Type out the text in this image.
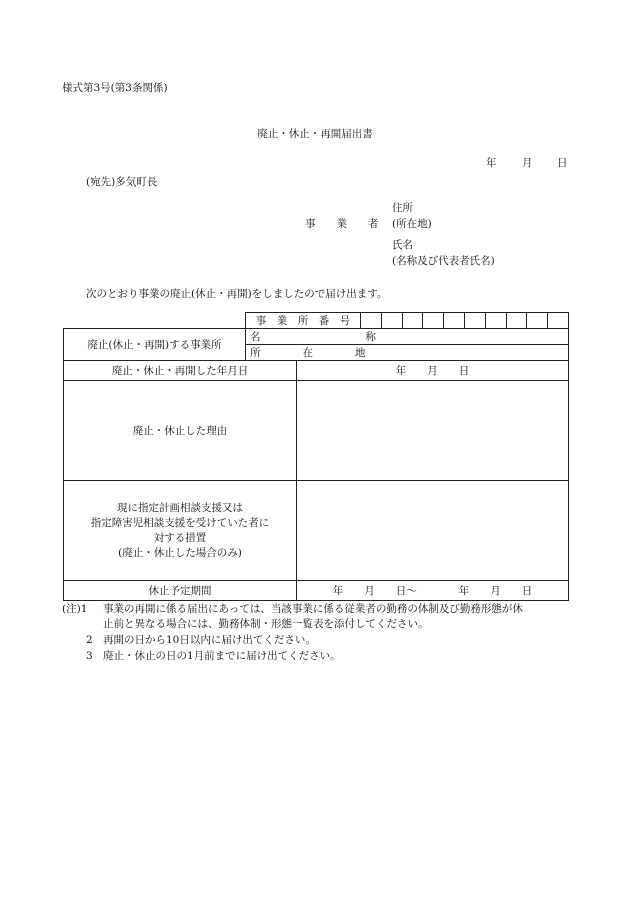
様式第3号(第3条関係)
廃止・休止・再開届出書
年 月 日
(宛先)多気町長
事　　業　　者
住所
(所在地)
氏名
(名称及び代表者氏名)
次のとおり事業の廃止(休止・再開)をしましたので届け出ます。
	事　業　所　番　号										
廃止(休止・再開)する事業所	名　　　　　　　　　　称										
	所　　　　在　　　　地										
廃止・休止・再開した年月日	年　　月　　日
廃止・休止した理由	

現に指定計画相談支援又は
指定障害児相談支援を受けていた者に
対する措置
(廃止・休止した場合のみ)	

休止予定期間	年　　月　　日～　　　　年　　月　　日
(注)1 事業の再開に係る届出にあっては、当該事業に係る従業者の勤務の体制及び勤務形態が休
止前と異なる場合には、勤務体制・形態一覧表を添付してください。
2 再開の日から10日以内に届け出てください。
3 廃止・休止の日の1月前までに届け出てください。
